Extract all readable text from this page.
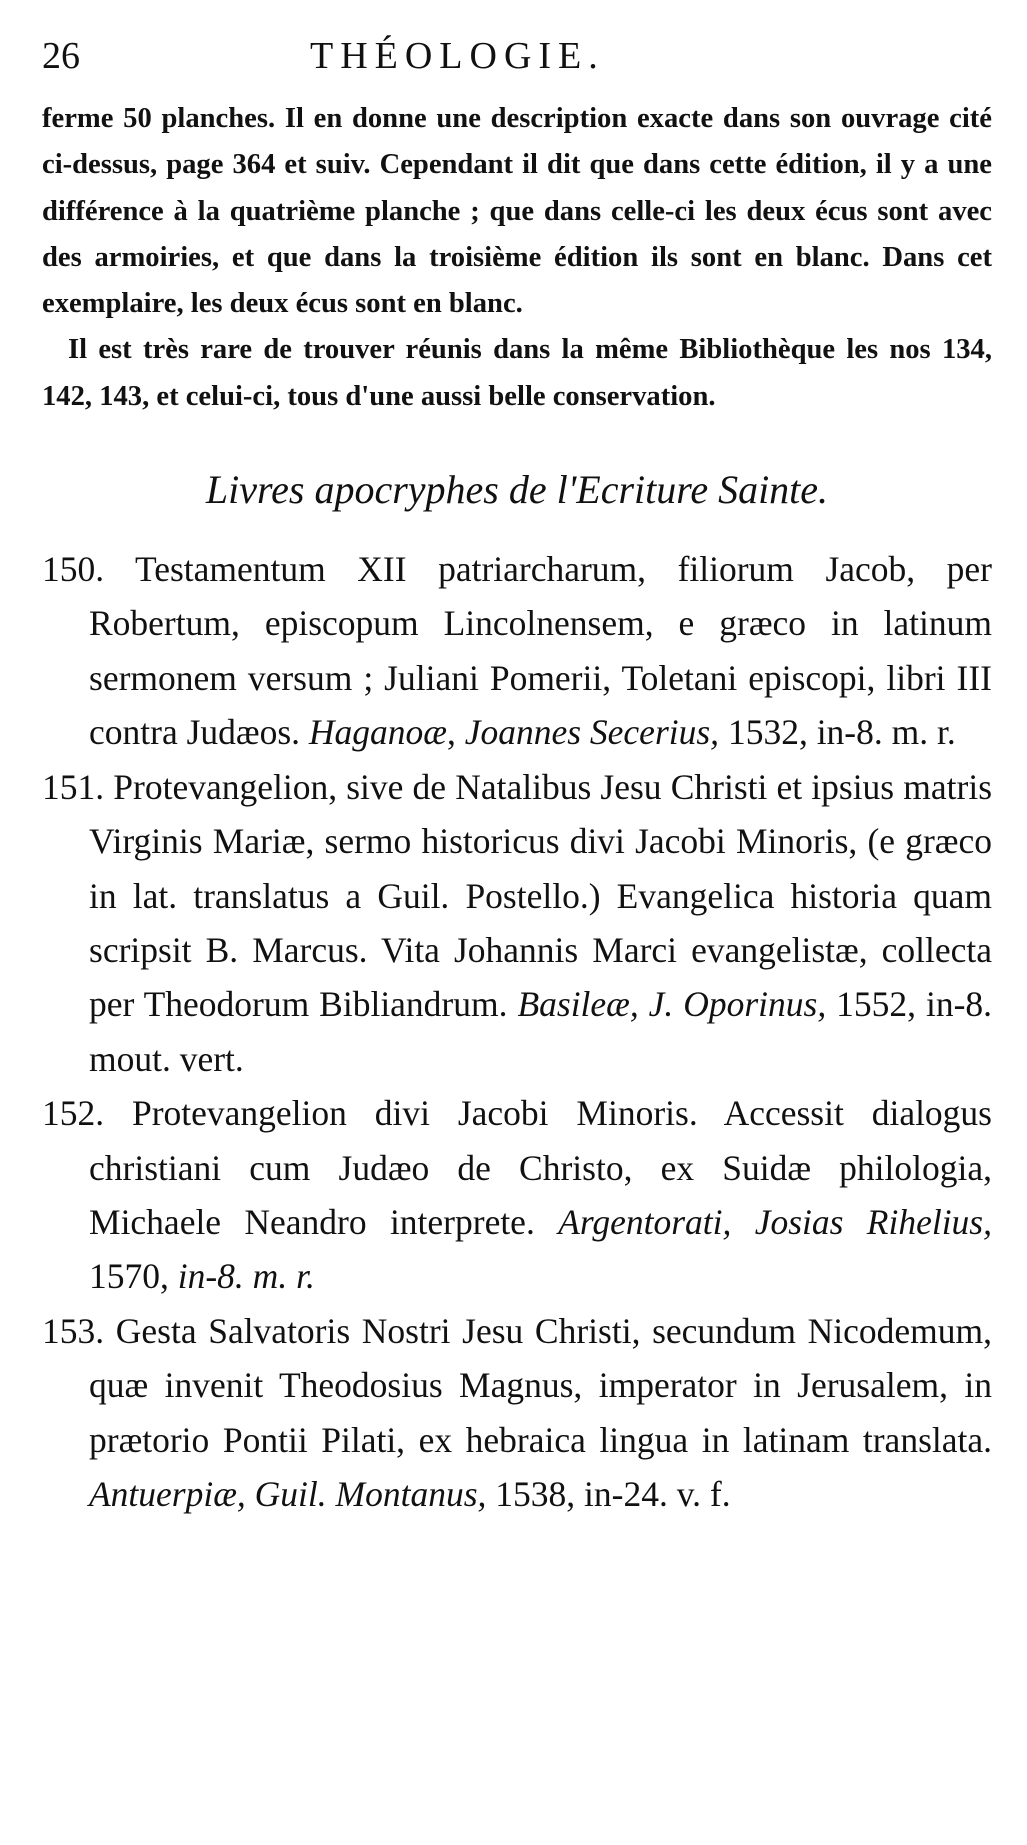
26	THÉOLOGIE.

ferme 50 planches. Il en donne une description exacte dans son ouvrage cité ci-dessus, page 364 et suiv. Cependant il dit que dans cette édition, il y a une différence à la quatrième planche ; que dans celle-ci les deux écus sont avec des armoiries, et que dans la troisième édition ils sont en blanc. Dans cet exemplaire, les deux écus sont en blanc.

Il est très rare de trouver réunis dans la même Bibliothèque les nos 134, 142, 143, et celui-ci, tous d'une aussi belle conservation.

Livres apocryphes de l'Ecriture Sainte.

150. Testamentum XII patriarcharum, filiorum Jacob, per Robertum, episcopum Lincolnensem, e græco in latinum sermonem versum ; Juliani Pomerii, Toletani episcopi, libri III contra Judæos. Haganoæ, Joannes Secerius, 1532, in-8. m. r.

151. Protevangelion, sive de Natalibus Jesu Christi et ipsius matris Virginis Mariæ, sermo historicus divi Jacobi Minoris, (e græco in lat. translatus a Guil. Postello.) Evangelica historia quam scripsit B. Marcus. Vita Johannis Marci evangelistæ, collecta per Theodorum Bibliandrum. Basileæ, J. Oporinus, 1552, in-8. mout. vert.

152. Protevangelion divi Jacobi Minoris. Accessit dialogus christiani cum Judæo de Christo, ex Suidæ philologia, Michaele Neandro interprete. Argentorati, Josias Rihelius, 1570, in-8. m. r.

153. Gesta Salvatoris Nostri Jesu Christi, secundum Nicodemum, quæ invenit Theodosius Magnus, imperator in Jerusalem, in prætorio Pontii Pilati, ex hebraica lingua in latinam translata. Antuerpiæ, Guil. Montanus, 1538, in-24. v. f.
